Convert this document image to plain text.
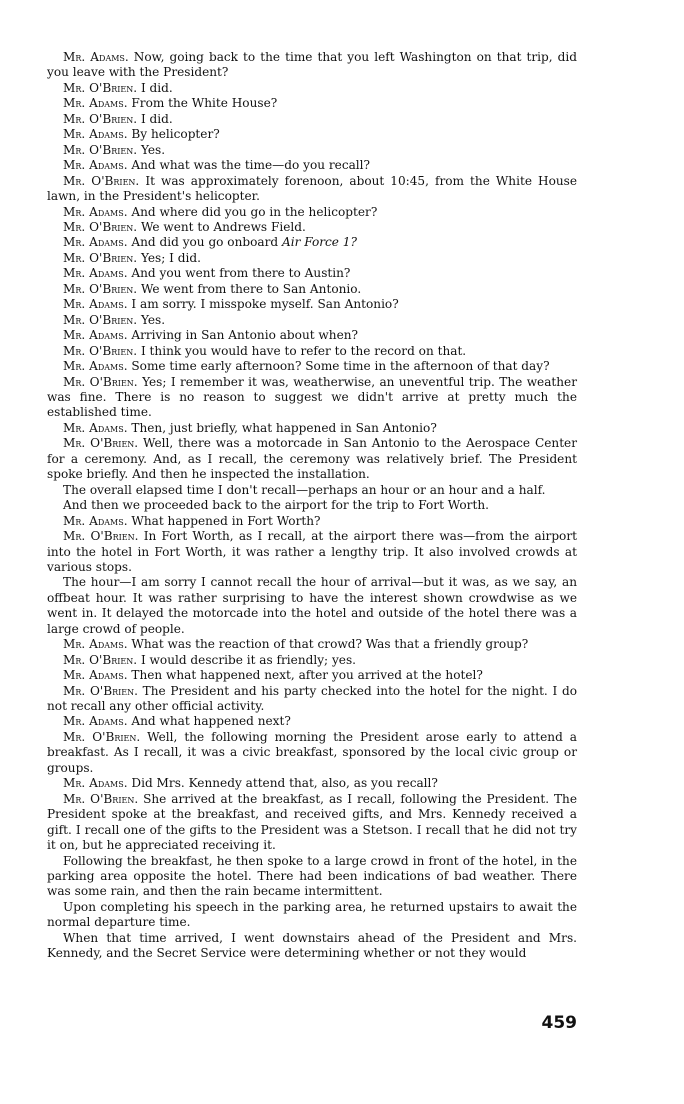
Mr. Adams. Now, going back to the time that you left Washington on that trip, did you leave with the President?

Mr. O'Brien. I did.

Mr. Adams. From the White House?

Mr. O'Brien. I did.

Mr. Adams. By helicopter?

Mr. O'Brien. Yes.

Mr. Adams. And what was the time—do you recall?

Mr. O'Brien. It was approximately forenoon, about 10:45, from the White House lawn, in the President's helicopter.

Mr. Adams. And where did you go in the helicopter?

Mr. O'Brien. We went to Andrews Field.

Mr. Adams. And did you go onboard Air Force 1?

Mr. O'Brien. Yes; I did.

Mr. Adams. And you went from there to Austin?

Mr. O'Brien. We went from there to San Antonio.

Mr. Adams. I am sorry. I misspoke myself. San Antonio?

Mr. O'Brien. Yes.

Mr. Adams. Arriving in San Antonio about when?

Mr. O'Brien. I think you would have to refer to the record on that.

Mr. Adams. Some time early afternoon? Some time in the afternoon of that day?

Mr. O'Brien. Yes; I remember it was, weatherwise, an uneventful trip. The weather was fine. There is no reason to suggest we didn't arrive at pretty much the established time.

Mr. Adams. Then, just briefly, what happened in San Antonio?

Mr. O'Brien. Well, there was a motorcade in San Antonio to the Aerospace Center for a ceremony. And, as I recall, the ceremony was relatively brief. The President spoke briefly. And then he inspected the installation.

The overall elapsed time I don't recall—perhaps an hour or an hour and a half.

And then we proceeded back to the airport for the trip to Fort Worth.

Mr. Adams. What happened in Fort Worth?

Mr. O'Brien. In Fort Worth, as I recall, at the airport there was—from the airport into the hotel in Fort Worth, it was rather a lengthy trip. It also involved crowds at various stops.

The hour—I am sorry I cannot recall the hour of arrival—but it was, as we say, an offbeat hour. It was rather surprising to have the interest shown crowdwise as we went in. It delayed the motorcade into the hotel and outside of the hotel there was a large crowd of people.

Mr. Adams. What was the reaction of that crowd? Was that a friendly group?

Mr. O'Brien. I would describe it as friendly; yes.

Mr. Adams. Then what happened next, after you arrived at the hotel?

Mr. O'Brien. The President and his party checked into the hotel for the night. I do not recall any other official activity.

Mr. Adams. And what happened next?

Mr. O'Brien. Well, the following morning the President arose early to attend a breakfast. As I recall, it was a civic breakfast, sponsored by the local civic group or groups.

Mr. Adams. Did Mrs. Kennedy attend that, also, as you recall?

Mr. O'Brien. She arrived at the breakfast, as I recall, following the President. The President spoke at the breakfast, and received gifts, and Mrs. Kennedy received a gift. I recall one of the gifts to the President was a Stetson. I recall that he did not try it on, but he appreciated receiving it.

Following the breakfast, he then spoke to a large crowd in front of the hotel, in the parking area opposite the hotel. There had been indications of bad weather. There was some rain, and then the rain became intermittent.

Upon completing his speech in the parking area, he returned upstairs to await the normal departure time.

When that time arrived, I went downstairs ahead of the President and Mrs. Kennedy, and the Secret Service were determining whether or not they would

459
